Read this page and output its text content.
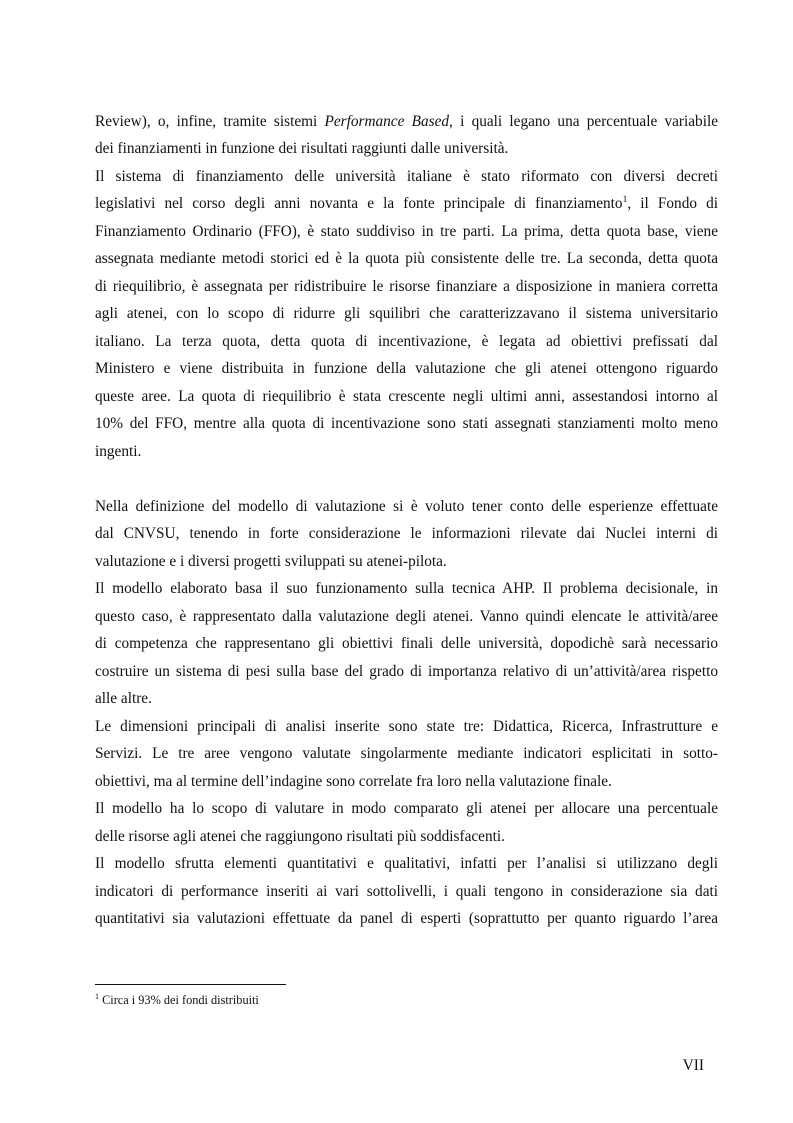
Review), o, infine, tramite sistemi Performance Based, i quali legano una percentuale variabile
dei finanziamenti in funzione dei risultati raggiunti dalle università.
Il sistema di finanziamento delle università italiane è stato riformato con diversi decreti
legislativi nel corso degli anni novanta e la fonte principale di finanziamento$^1$, il Fondo di
Finanziamento Ordinario (FFO), è stato suddiviso in tre parti. La prima, detta quota base, viene
assegnata mediante metodi storici ed è la quota più consistente delle tre. La seconda, detta quota
di riequilibrio, è assegnata per ridistribuire le risorse finanziare a disposizione in maniera corretta
agli atenei, con lo scopo di ridurre gli squilibri che caratterizzavano il sistema universitario
italiano. La terza quota, detta quota di incentivazione, è legata ad obiettivi prefissati dal
Ministero e viene distribuita in funzione della valutazione che gli atenei ottengono riguardo
queste aree. La quota di riequilibrio è stata crescente negli ultimi anni, assestandosi intorno al
10% del FFO, mentre alla quota di incentivazione sono stati assegnati stanziamenti molto meno
ingenti.
Nella definizione del modello di valutazione si è voluto tener conto delle esperienze effettuate
dal CNVSU, tenendo in forte considerazione le informazioni rilevate dai Nuclei interni di
valutazione e i diversi progetti sviluppati su atenei-pilota.
Il modello elaborato basa il suo funzionamento sulla tecnica AHP. Il problema decisionale, in
questo caso, è rappresentato dalla valutazione degli atenei. Vanno quindi elencate le attività/aree
di competenza che rappresentano gli obiettivi finali delle università, dopodichè sarà necessario
costruire un sistema di pesi sulla base del grado di importanza relativo di un’attività/area rispetto
alle altre.
Le dimensioni principali di analisi inserite sono state tre: Didattica, Ricerca, Infrastrutture e
Servizi. Le tre aree vengono valutate singolarmente mediante indicatori esplicitati in sotto-
obiettivi, ma al termine dell’indagine sono correlate fra loro nella valutazione finale.
Il modello ha lo scopo di valutare in modo comparato gli atenei per allocare una percentuale
delle risorse agli atenei che raggiungono risultati più soddisfacenti.
Il modello sfrutta elementi quantitativi e qualitativi, infatti per l’analisi si utilizzano degli
indicatori di performance inseriti ai vari sottolivelli, i quali tengono in considerazione sia dati
quantitativi sia valutazioni effettuate da panel di esperti (soprattutto per quanto riguardo l’area
$^1$ Circa i 93% dei fondi distribuiti
VII
